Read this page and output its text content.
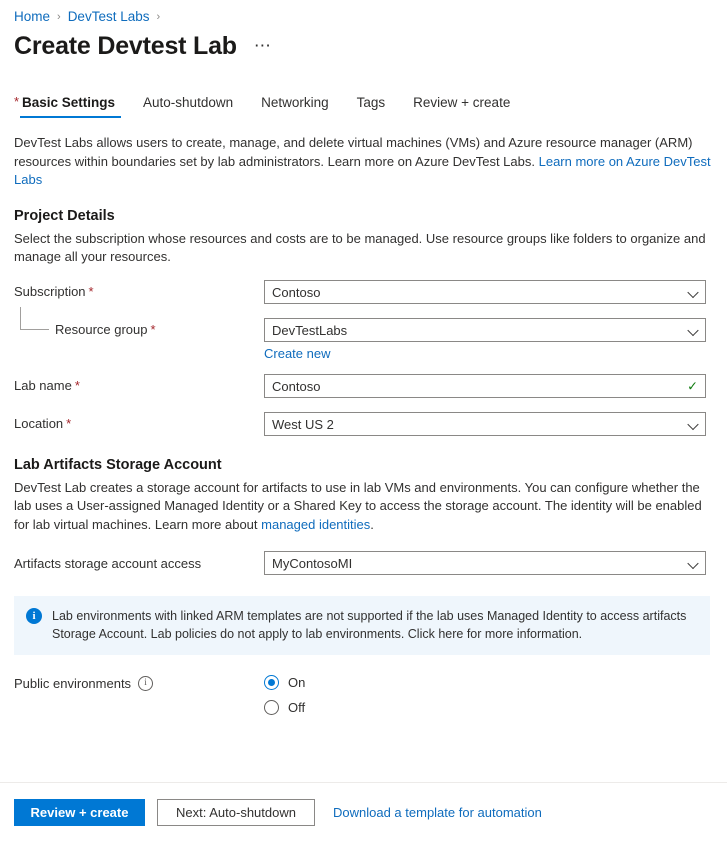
Home › DevTest Labs ›
Create Devtest Lab ⋯
* Basic Settings	Auto-shutdown	Networking	Tags	Review + create

DevTest Labs allows users to create, manage, and delete virtual machines (VMs) and Azure resource manager (ARM) resources within boundaries set by lab administrators. Learn more on Azure DevTest Labs. Learn more on Azure DevTest Labs

Project Details

Select the subscription whose resources and costs are to be managed. Use resource groups like folders to organize and manage all your resources.

Subscription *	Contoso
Resource group *	DevTestLabs
Create new
Lab name *	Contoso	✓
Location *	West US 2
Lab Artifacts Storage Account

DevTest Lab creates a storage account for artifacts to use in lab VMs and environments. You can configure whether the lab uses a User-assigned Managed Identity or a Shared Key to access the storage account. The identity will be enabled for lab virtual machines. Learn more about managed identities.

Artifacts storage account access	MyContosoMI
i	Lab environments with linked ARM templates are not supported if the lab uses Managed Identity to access artifacts Storage Account. Lab policies do not apply to lab environments. Click here for more information.
Public environments	i	On
Off
Review + create	Next: Auto-shutdown	Download a template for automation
